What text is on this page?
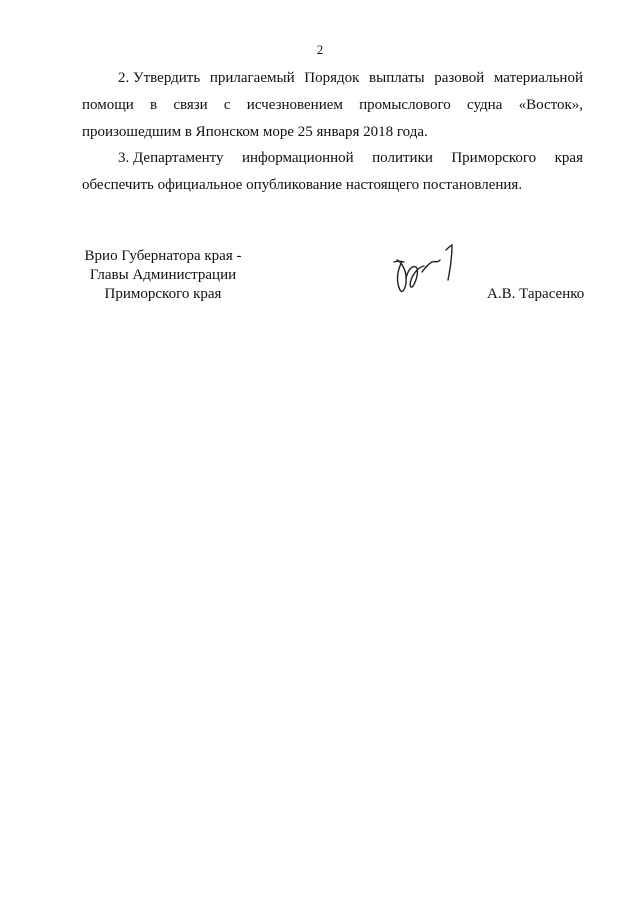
2
2. Утвердить прилагаемый Порядок выплаты разовой материальной
помощи в связи с исчезновением промыслового судна «Восток»,
произошедшим в Японском море 25 января 2018 года.
3. Департаменту информационной политики Приморского края
обеспечить официальное опубликование настоящего постановления.
Врио Губернатора края -
Главы Администрации
Приморского края	А.В. Тарасенко
